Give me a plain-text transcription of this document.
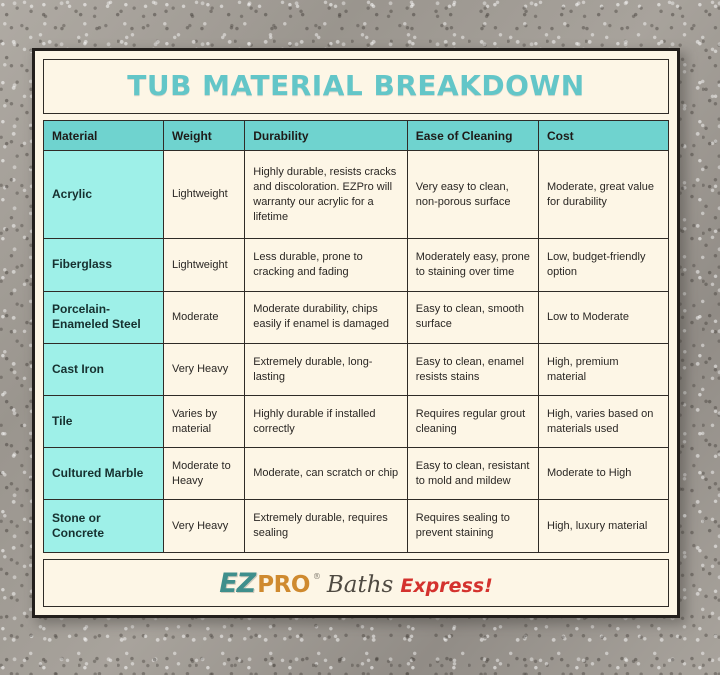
TUB MATERIAL BREAKDOWN
Material	Weight	Durability	Ease of Cleaning	Cost
Acrylic	Lightweight	Highly durable, resists cracks and discoloration. EZPro will warranty our acrylic for a lifetime	Very easy to clean, non-porous surface	Moderate, great value for durability
Fiberglass	Lightweight	Less durable, prone to cracking and fading	Moderately easy, prone to staining over time	Low, budget-friendly option
Porcelain-Enameled Steel	Moderate	Moderate durability, chips easily if enamel is damaged	Easy to clean, smooth surface	Low to Moderate
Cast Iron	Very Heavy	Extremely durable, long-lasting	Easy to clean, enamel resists stains	High, premium material
Tile	Varies by material	Highly durable if installed correctly	Requires regular grout cleaning	High, varies based on materials used
Cultured Marble	Moderate to Heavy	Moderate, can scratch or chip	Easy to clean, resistant to mold and mildew	Moderate to High
Stone or Concrete	Very Heavy	Extremely durable, requires sealing	Requires sealing to prevent staining	High, luxury material
EZ PRO ® Baths Express!
